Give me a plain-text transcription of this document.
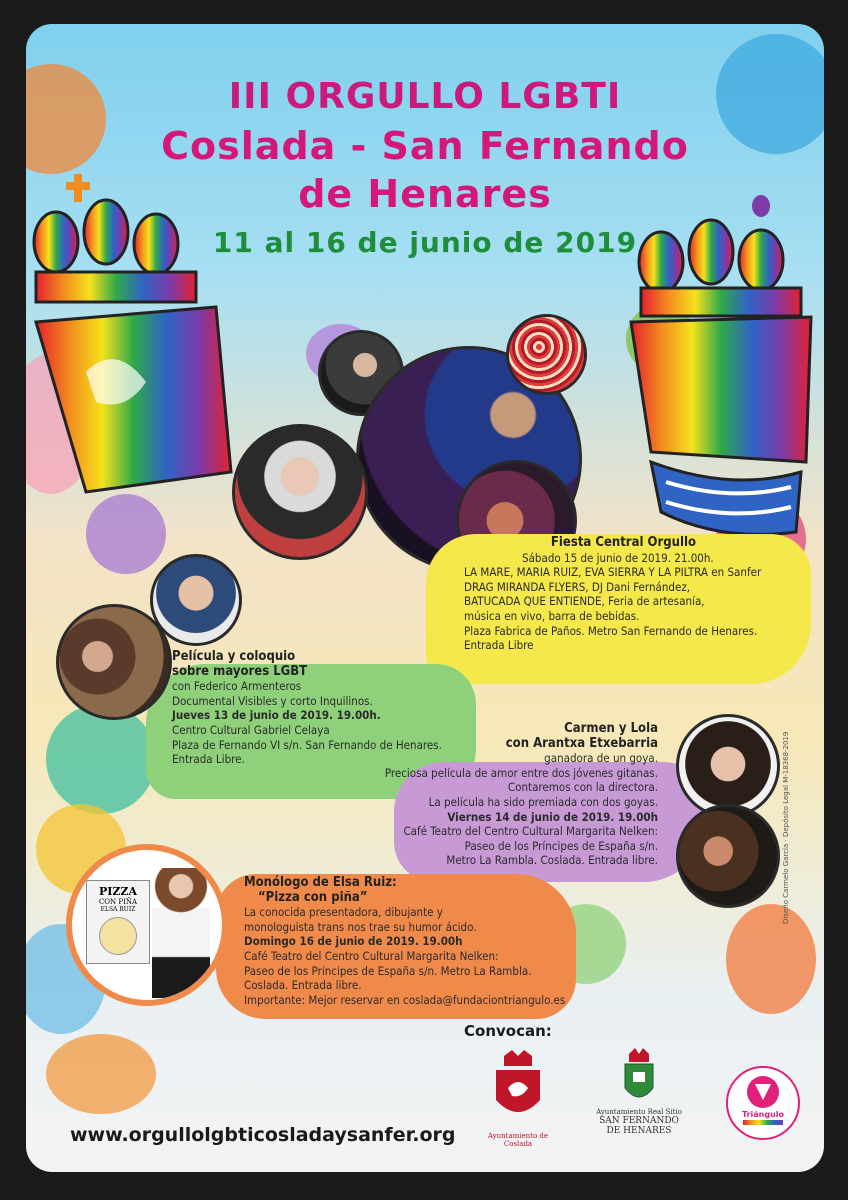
III ORGULLO LGBTI
Coslada - San Fernando
de Henares
11 al 16 de junio de 2019
Fiesta Central Orgullo
Sábado 15 de junio de 2019. 21.00h.
LA MARE, MARIA RUIZ, EVA SIERRA Y LA PILTRA en Sanfer
DRAG MIRANDA FLYERS, DJ Dani Fernández,
BATUCADA QUE ENTIENDE, Feria de artesanía,
música en vivo, barra de bebidas.
Plaza Fabrica de Paños. Metro San Fernando de Henares.
Entrada Libre
Película y coloquio
sobre mayores LGBT
con Federico Armenteros
Documental Visibles y corto Inquilinos.
Jueves 13 de junio de 2019. 19.00h.
Centro Cultural Gabriel Celaya
Plaza de Fernando VI s/n. San Fernando de Henares.
Entrada Libre.
Carmen y Lola
con Arantxa Etxebarria
ganadora de un goya.
Preciosa película de amor entre dos jóvenes gitanas.
Contaremos con la directora.
La película ha sido premiada con dos goyas.
Viernes 14 de junio de 2019. 19.00h
Café Teatro del Centro Cultural Margarita Nelken:
Paseo de los Príncipes de España s/n.
Metro La Rambla. Coslada. Entrada libre.
PIZZA
CON PIÑA
ELSA RUIZ
Monólogo de Elsa Ruiz:
“Pizza con piña”
La conocida presentadora, dibujante y
monologuista trans nos trae su humor ácido.
Domingo 16 de junio de 2019. 19.00h
Café Teatro del Centro Cultural Margarita Nelken:
Paseo de los Príncipes de España s/n. Metro La Rambla.
Coslada. Entrada libre.
Importante: Mejor reservar en coslada@fundaciontriangulo.es
Convocan:
www.orgullolgbticosladaysanfer.org	Ayuntamiento de Coslada
Ayuntamiento Real Sitio
SAN FERNANDO
DE HENARES
Triángulo
Diseño Carmelo García · Depósito Legal M-18368-2019
